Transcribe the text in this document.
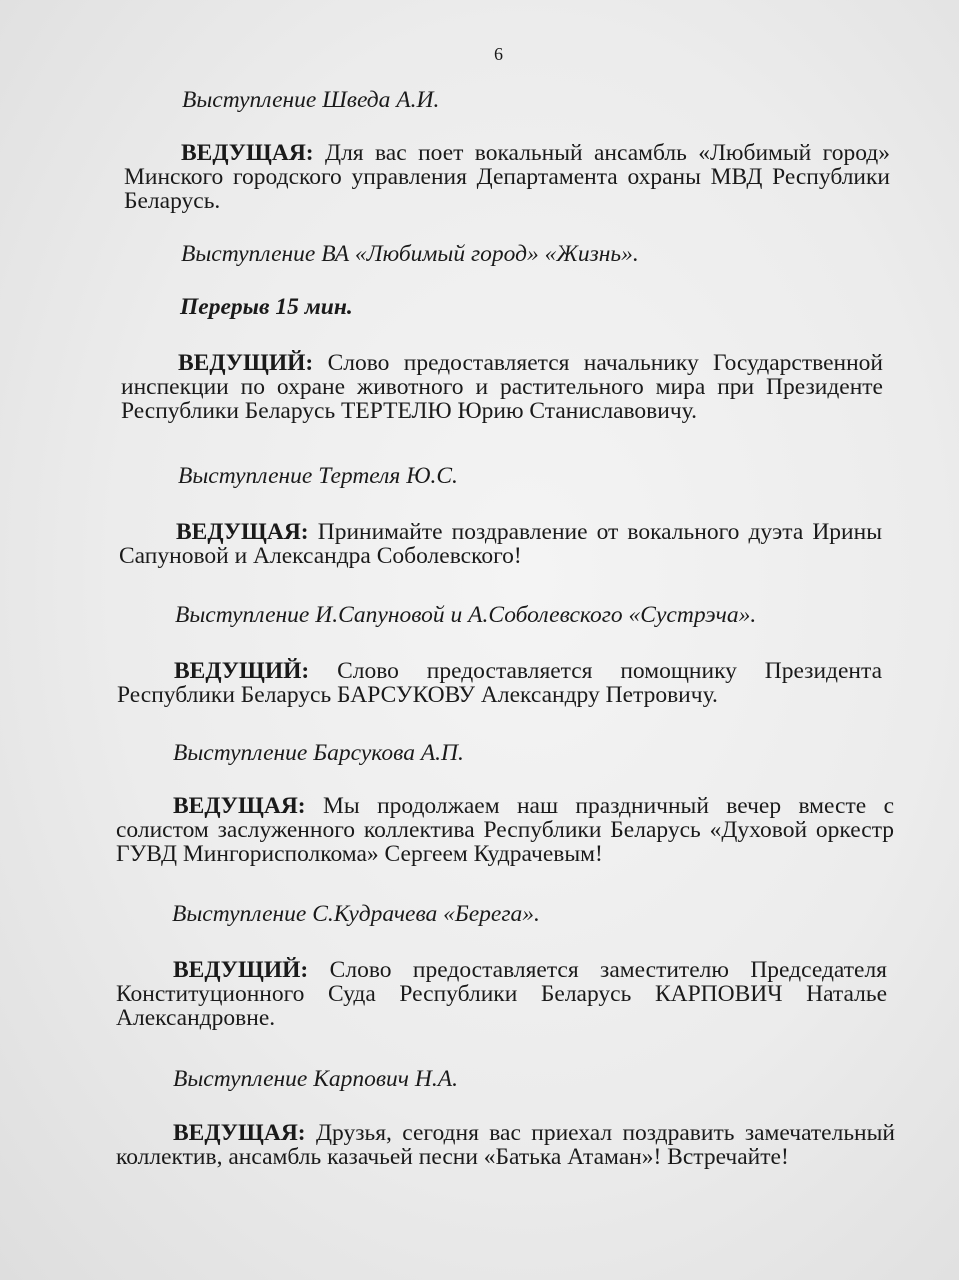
6
Выступление Шведа А.И.
ВЕДУЩАЯ: Для вас поет вокальный ансамбль «Любимый город» Минского городского управления Департамента охраны МВД Республики Беларусь.
Выступление ВА «Любимый город» «Жизнь».
Перерыв 15 мин.
ВЕДУЩИЙ: Слово предоставляется начальнику Государственной инспекции по охране животного и растительного мира при Президенте Республики Беларусь ТЕРТЕЛЮ Юрию Станиславовичу.
Выступление Тертеля Ю.С.
ВЕДУЩАЯ: Принимайте поздравление от вокального дуэта Ирины Сапуновой и Александра Соболевского!
Выступление И.Сапуновой и А.Соболевского «Сустрэча».
ВЕДУЩИЙ: Слово предоставляется помощнику Президента Республики Беларусь БАРСУКОВУ Александру Петровичу.
Выступление Барсукова А.П.
ВЕДУЩАЯ: Мы продолжаем наш праздничный вечер вместе с солистом заслуженного коллектива Республики Беларусь «Духовой оркестр ГУВД Мингорисполкома» Сергеем Кудрачевым!
Выступление С.Кудрачева «Берега».
ВЕДУЩИЙ: Слово предоставляется заместителю Председателя Конституционного Суда Республики Беларусь КАРПОВИЧ Наталье Александровне.
Выступление Карпович Н.А.
ВЕДУЩАЯ: Друзья, сегодня вас приехал поздравить замечательный коллектив, ансамбль казачьей песни «Батька Атаман»! Встречайте!
